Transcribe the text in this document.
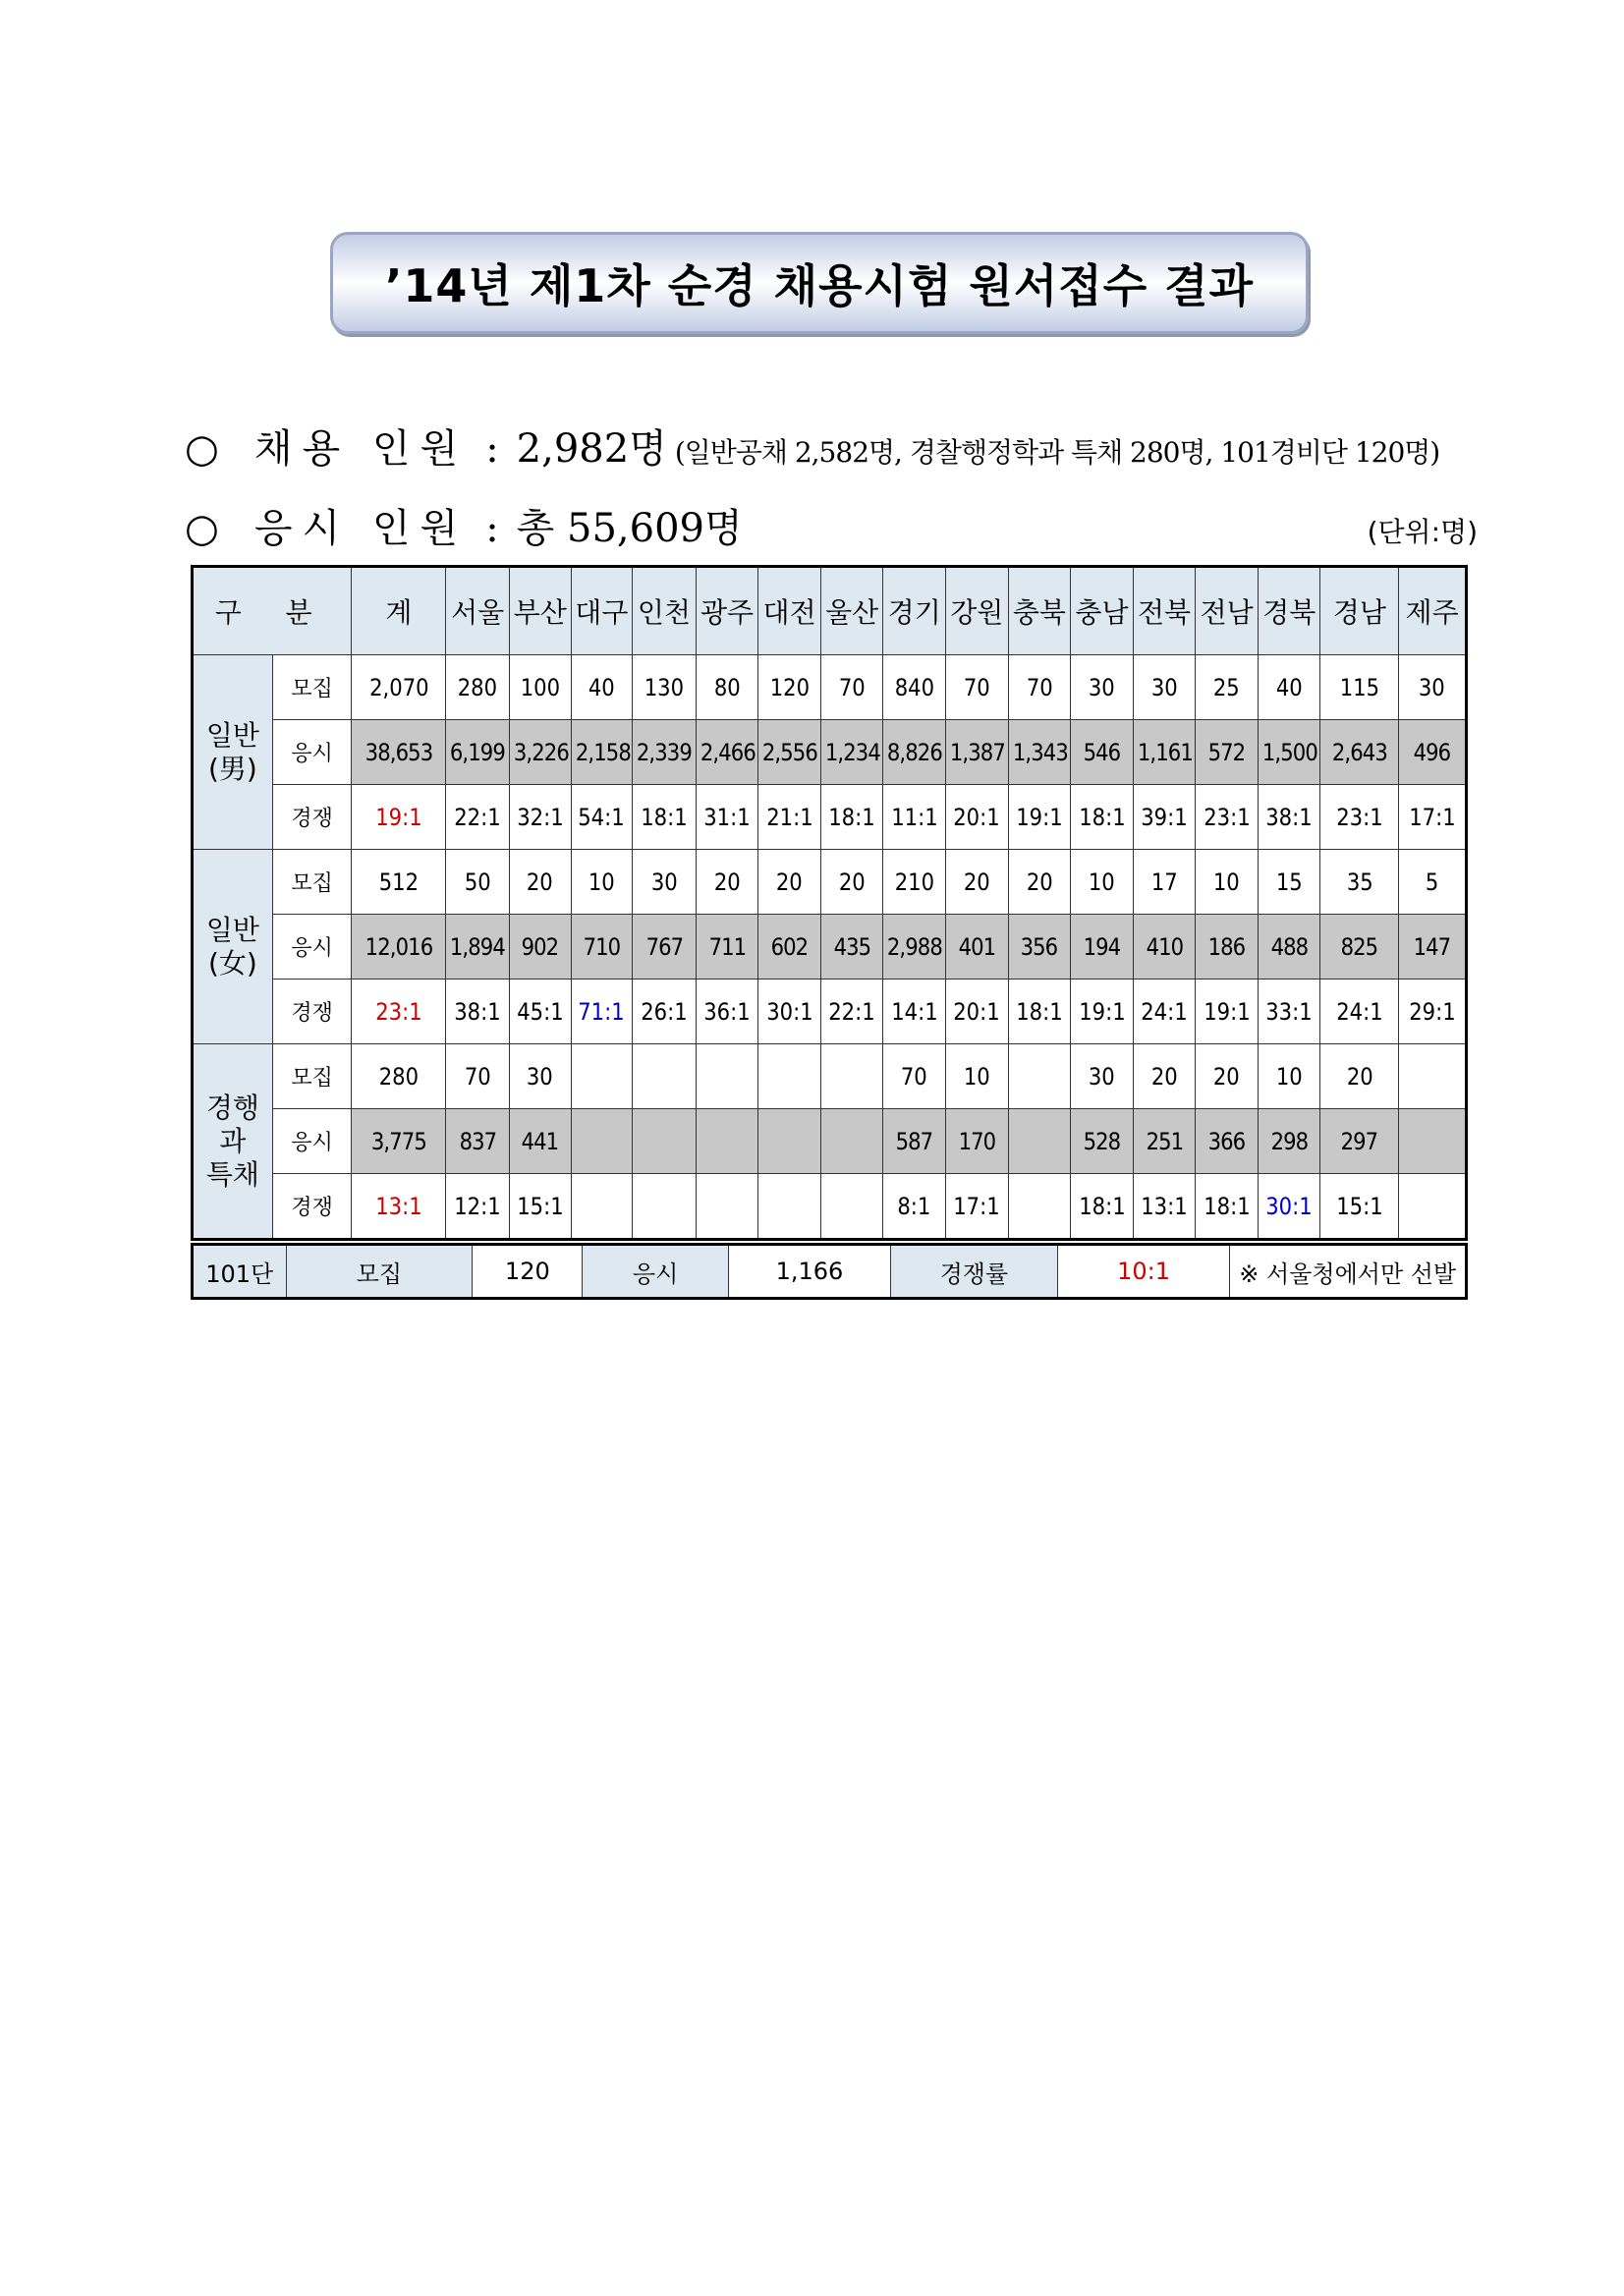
’14년 제1차 순경 채용시험 원서접수 결과
○ 채용 인원 : 2,982명 (일반공채 2,582명, 경찰행정학과 특채 280명, 101경비단 120명)
○ 응시 인원 : 총 55,609명	(단위:명)
구 분		계	서울	부산	대구	인천	광주	대전	울산	경기	강원	충북	충남	전북	전남	경북	경남	제주
일반
(男)	모집	2,070	280	100	40	130	80	120	70	840	70	70	30	30	25	40	115	30
	응시	38,653	6,199	3,226	2,158	2,339	2,466	2,556	1,234	8,826	1,387	1,343	546	1,161	572	1,500	2,643	496
	경쟁	19:1	22:1	32:1	54:1	18:1	31:1	21:1	18:1	11:1	20:1	19:1	18:1	39:1	23:1	38:1	23:1	17:1
일반
(女)	모집	512	50	20	10	30	20	20	20	210	20	20	10	17	10	15	35	5
	응시	12,016	1,894	902	710	767	711	602	435	2,988	401	356	194	410	186	488	825	147
	경쟁	23:1	38:1	45:1	71:1	26:1	36:1	30:1	22:1	14:1	20:1	18:1	19:1	24:1	19:1	33:1	24:1	29:1
경행과
특채	모집	280	70	30						70	10		30	20	20	10	20	
	응시	3,775	837	441						587	170		528	251	366	298	297	
	경쟁	13:1	12:1	15:1						8:1	17:1		18:1	13:1	18:1	30:1	15:1	
101단	모집	120	응시	1,166	경쟁률	10:1	※ 서울청에서만 선발
